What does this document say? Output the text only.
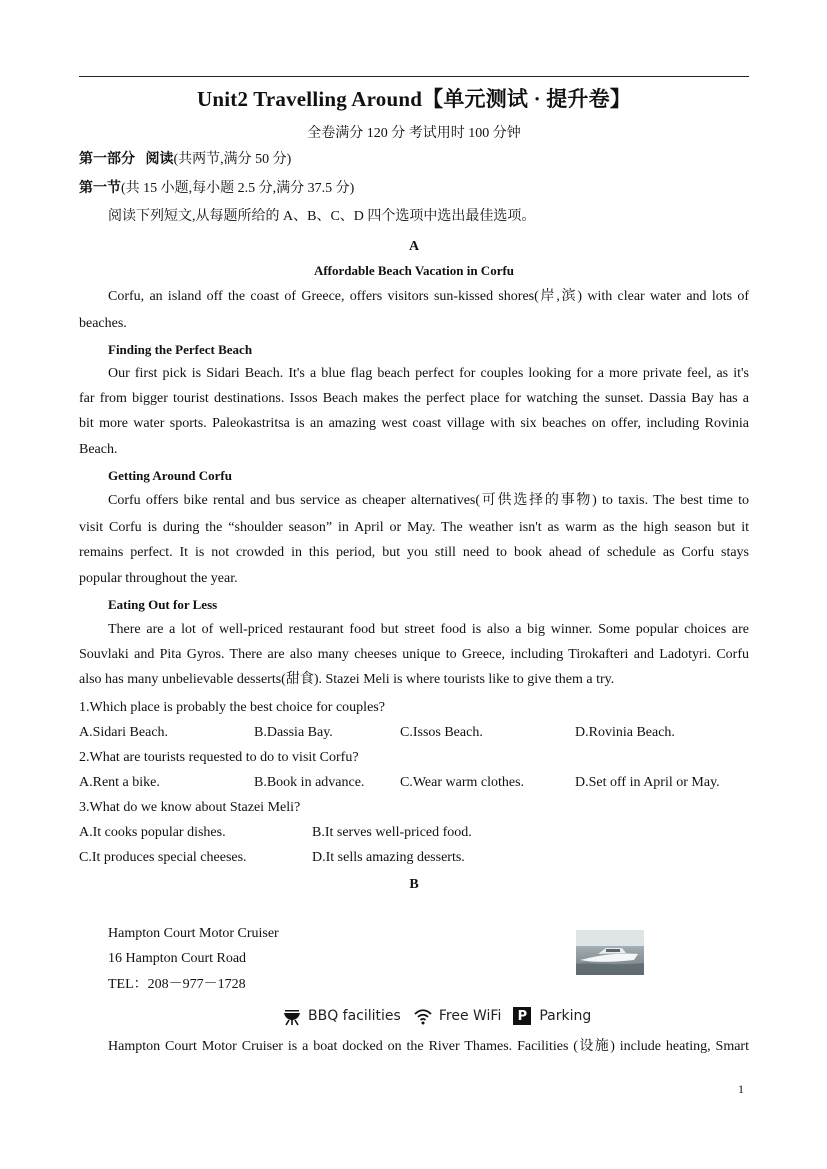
Unit2 Travelling Around【单元测试 · 提升卷】
全卷满分 120 分 考试用时 100 分钟
第一部分 阅读(共两节,满分 50 分)
第一节(共 15 小题,每小题 2.5 分,满分 37.5 分)
阅读下列短文,从每题所给的 A、B、C、D 四个选项中选出最佳选项。
A
Affordable Beach Vacation in Corfu
Corfu, an island off the coast of Greece, offers visitors sun-kissed shores(岸,滨) with clear water and lots of
beaches.
Finding the Perfect Beach
Our first pick is Sidari Beach. It's a blue flag beach perfect for couples looking for a more private feel, as it's
far from bigger tourist destinations. Issos Beach makes the perfect place for watching the sunset. Dassia Bay has a
bit more water sports. Paleokastritsa is an amazing west coast village with six beaches on offer, including Rovinia
Beach.
Getting Around Corfu
Corfu offers bike rental and bus service as cheaper alternatives(可供选择的事物) to taxis. The best time to
visit Corfu is during the “shoulder season” in April or May. The weather isn't as warm as the high season but it
remains perfect. It is not crowded in this period, but you still need to book ahead of schedule as Corfu stays
popular throughout the year.
Eating Out for Less
There are a lot of well-priced restaurant food but street food is also a big winner. Some popular choices are
Souvlaki and Pita Gyros. There are also many cheeses unique to Greece, including Tirokafteri and Ladotyri. Corfu
also has many unbelievable desserts(甜食). Stazei Meli is where tourists like to give them a try.
1.Which place is probably the best choice for couples?
A.Sidari Beach.	B.Dassia Bay.	C.Issos Beach.	D.Rovinia Beach.
2.What are tourists requested to do to visit Corfu?
A.Rent a bike.	B.Book in advance.	C.Wear warm clothes.	D.Set off in April or May.
3.What do we know about Stazei Meli?
A.It cooks popular dishes.	B.It serves well-priced food.
C.It produces special cheeses.	D.It sells amazing desserts.
B
Hampton Court Motor Cruiser
16 Hampton Court Road
TEL：208－977－1728
BBQ facilities	Free WiFi	P Parking
Hampton Court Motor Cruiser is a boat docked on the River Thames. Facilities (设施) include heating, Smart
1
